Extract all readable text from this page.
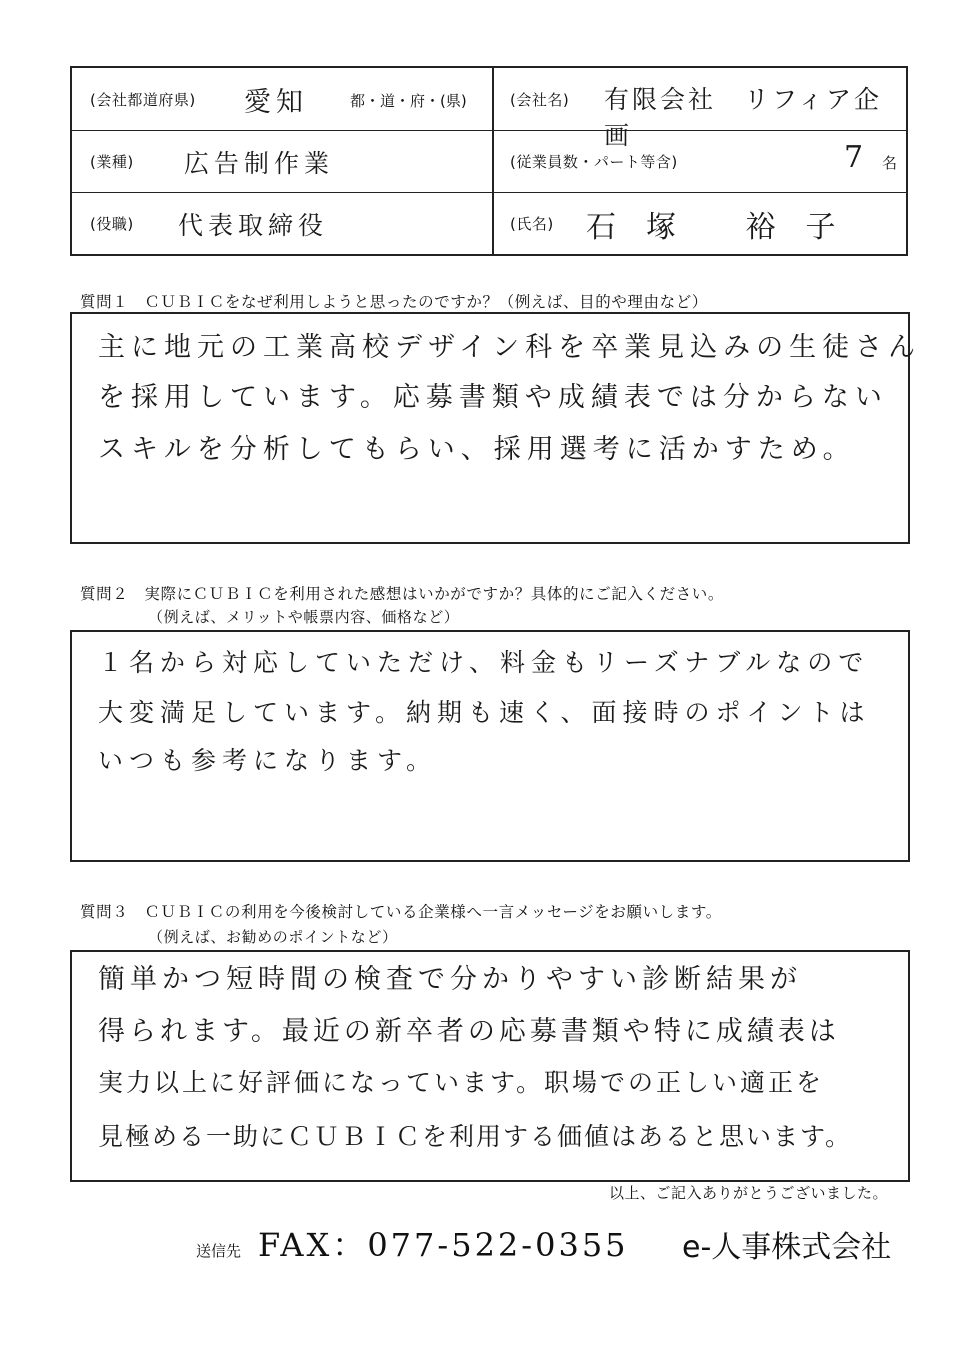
(会社都道府県) 愛知	都・道・府・(県)	(会社名) 有限会社　リフィア企画
(業種) 広告制作業	(従業員数・パート等含)	7 名
(役職) 代表取締役	(氏名) 石塚 裕子
質問１　ＣＵＢＩＣをなぜ利用しようと思ったのですか？（例えば、目的や理由など）
主に地元の工業高校デザイン科を卒業見込みの生徒さん
を採用しています。応募書類や成績表では分からない
スキルを分析してもらい、採用選考に活かすため。
質問２　実際にＣＵＢＩＣを利用された感想はいかがですか？具体的にご記入ください。
（例えば、メリットや帳票内容、価格など）
１名から対応していただけ、料金もリーズナブルなので
大変満足しています。納期も速く、面接時のポイントは
いつも参考になります。
質問３　ＣＵＢＩＣの利用を今後検討している企業様へ一言メッセージをお願いします。
（例えば、お勧めのポイントなど）
簡単かつ短時間の検査で分かりやすい診断結果が
得られます。最近の新卒者の応募書類や特に成績表は
実力以上に好評価になっています。职場での正しい適正を
見極める一助にＣＵＢＩＣを利用する価値はあると思います。
以上、ご記入ありがとうございました。
送信先 FAX：077-522-0355 e-人事株式会社
